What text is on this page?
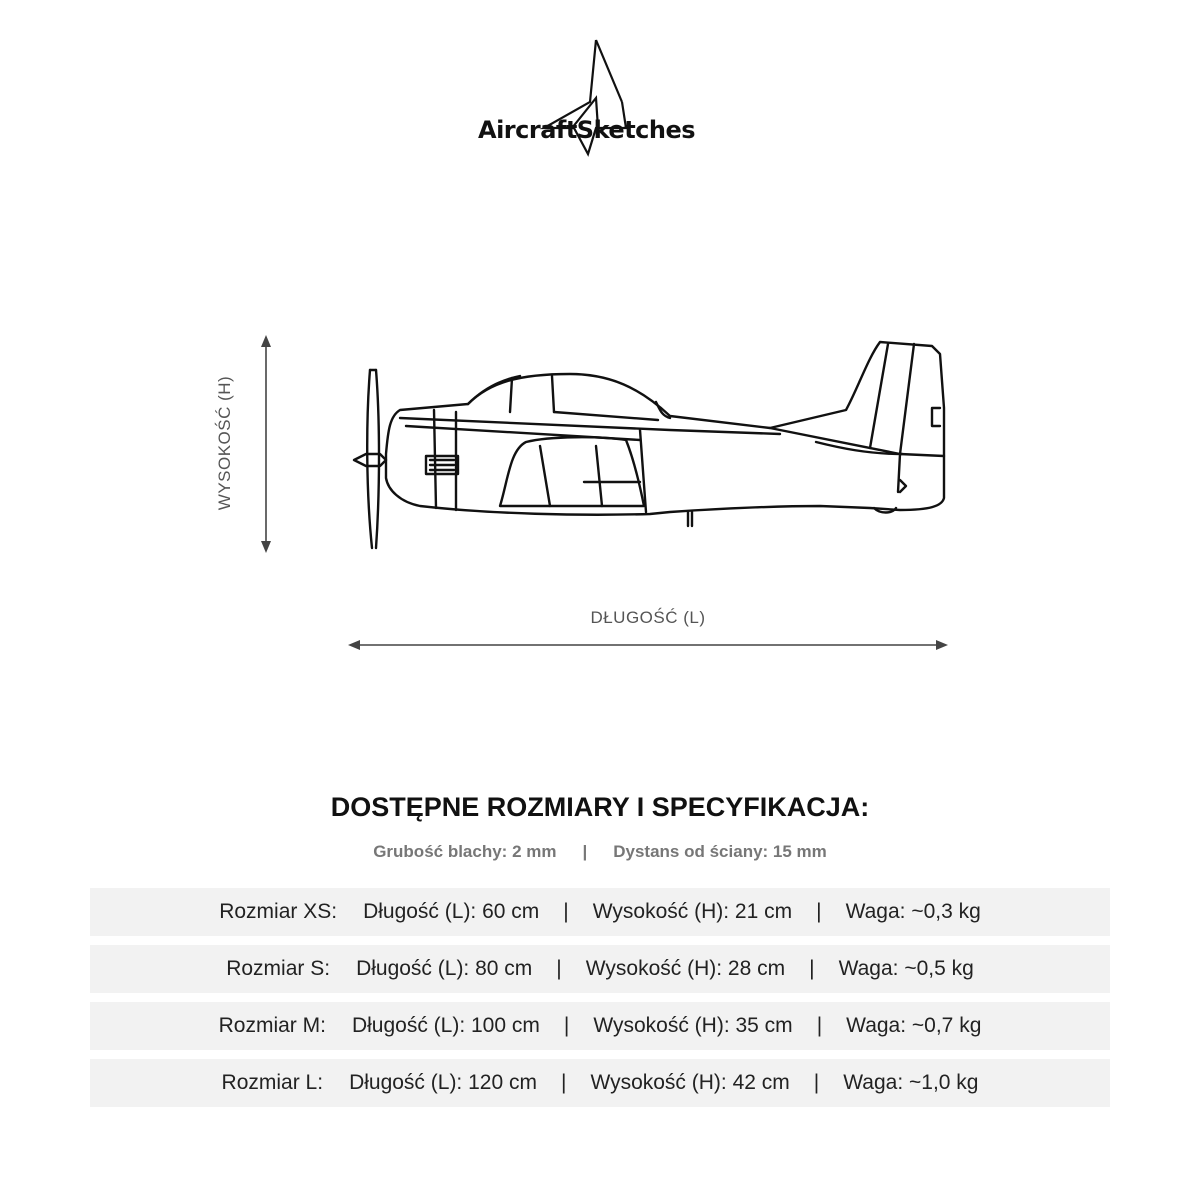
AircraftSketches
WYSOKOŚĆ (H)
DŁUGOŚĆ (L)
DOSTĘPNE ROZMIARY I SPECYFIKACJA:
Grubość blachy: 2 mm | Dystans od ściany: 15 mm
Rozmiar XS: Długość (L): 60 cm | Wysokość (H): 21 cm | Waga: ~0,3 kg
Rozmiar S: Długość (L): 80 cm | Wysokość (H): 28 cm | Waga: ~0,5 kg
Rozmiar M: Długość (L): 100 cm | Wysokość (H): 35 cm | Waga: ~0,7 kg
Rozmiar L: Długość (L): 120 cm | Wysokość (H): 42 cm | Waga: ~1,0 kg
